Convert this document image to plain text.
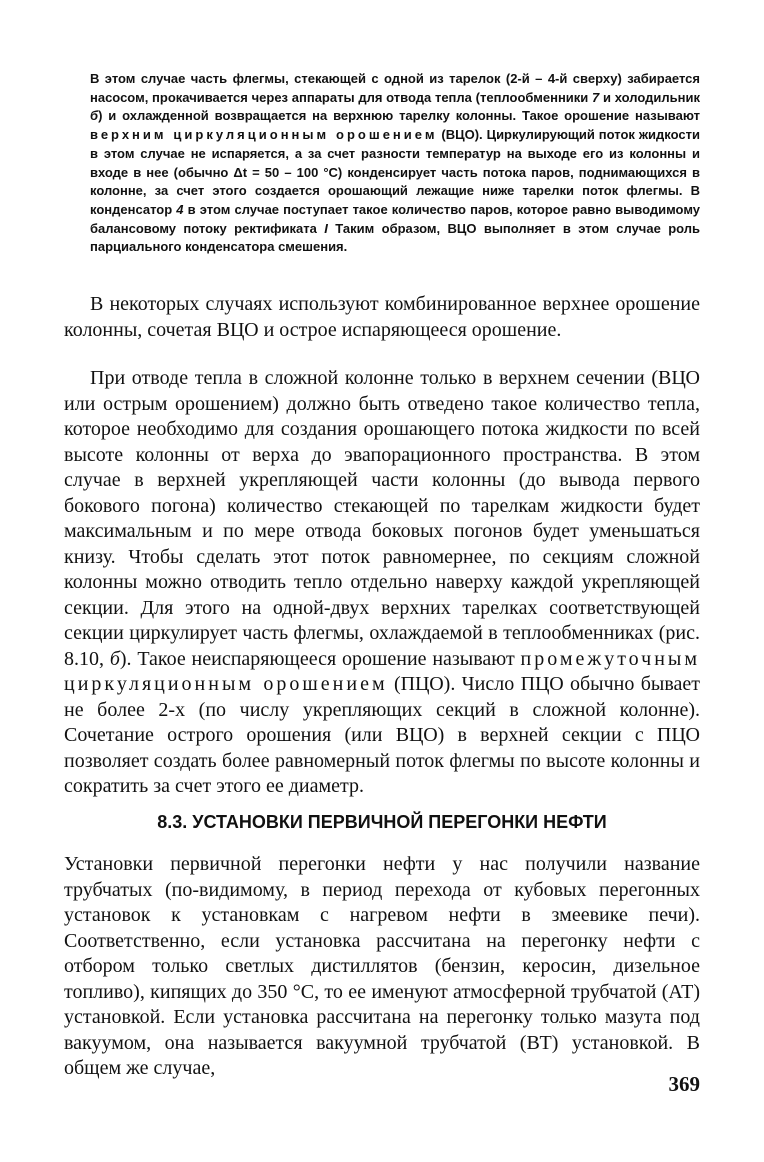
В этом случае часть флегмы, стекающей с одной из тарелок (2-й – 4-й сверху) забирается насосом, прокачивается через аппараты для отвода тепла (теплообменники 7 и холодильник б) и охлажденной возвращается на верхнюю тарелку колонны. Такое орошение называют верхним циркуляционным орошением (ВЦО). Циркулирующий поток жидкости в этом случае не испаряется, а за счет разности температур на выходе его из колонны и входе в нее (обычно Δt = 50 – 100 °С) конденсирует часть потока паров, поднимающихся в колонне, за счет этого создается орошающий лежащие ниже тарелки поток флегмы. В конденсатор 4 в этом случае поступает такое количество паров, которое равно выводимому балансовому потоку ректификата I Таким образом, ВЦО выполняет в этом случае роль парциального конденсатора смешения.

В некоторых случаях используют комбинированное верхнее орошение колонны, сочетая ВЦО и острое испаряющееся орошение.

При отводе тепла в сложной колонне только в верхнем сечении (ВЦО или острым орошением) должно быть отведено такое количество тепла, которое необходимо для создания орошающего потока жидкости по всей высоте колонны от верха до эвапорационного пространства. В этом случае в верхней укрепляющей части колонны (до вывода первого бокового погона) количество стекающей по тарелкам жидкости будет максимальным и по мере отвода боковых погонов будет уменьшаться книзу. Чтобы сделать этот поток равномернее, по секциям сложной колонны можно отводить тепло отдельно наверху каждой укрепляющей секции. Для этого на одной-двух верхних тарелках соответствующей секции циркулирует часть флегмы, охлаждаемой в теплообменниках (рис. 8.10, б). Такое неиспаряющееся орошение называют промежуточным циркуляционным орошением (ПЦО). Число ПЦО обычно бывает не более 2-х (по числу укрепляющих секций в сложной колонне). Сочетание острого орошения (или ВЦО) в верхней секции с ПЦО позволяет создать более равномерный поток флегмы по высоте колонны и сократить за счет этого ее диаметр.

8.3. УСТАНОВКИ ПЕРВИЧНОЙ ПЕРЕГОНКИ НЕФТИ

Установки первичной перегонки нефти у нас получили название трубчатых (по-видимому, в период перехода от кубовых перегонных установок к установкам с нагревом нефти в змеевике печи). Соответственно, если установка рассчитана на перегонку нефти с отбором только светлых дистиллятов (бензин, керосин, дизельное топливо), кипящих до 350 °С, то ее именуют атмосферной трубчатой (АТ) установкой. Если установка рассчитана на перегонку только мазута под вакуумом, она называется вакуумной трубчатой (ВТ) установкой. В общем же случае,

369
